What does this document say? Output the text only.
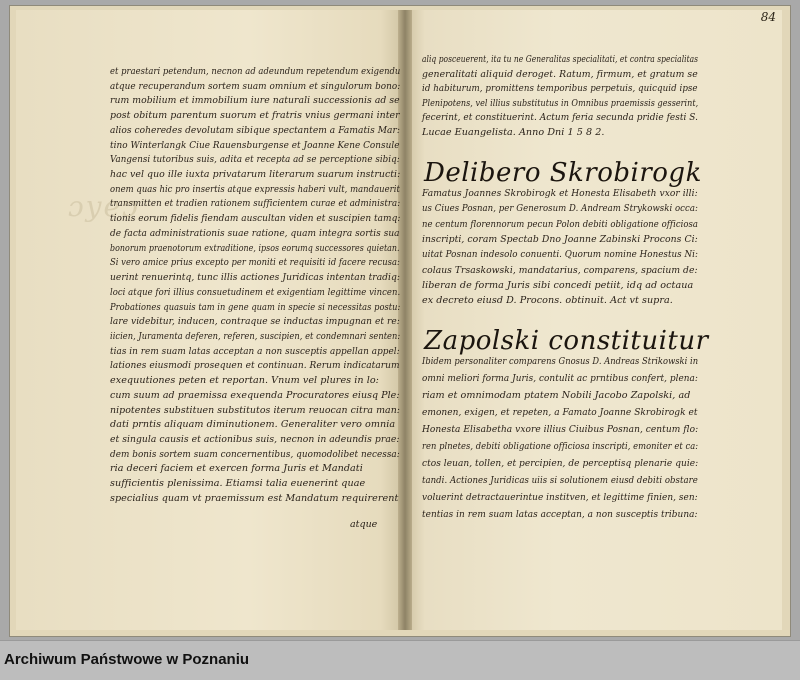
ɔyeɔ
84
et praestari petendum, necnon ad adeundum repetendum exigendu
atque recuperandum sortem suam omnium et singulorum bono:
rum mobilium et immobilium iure naturali successionis ad se
post obitum parentum suorum et fratris vnius germani inter
alios coheredes devolutam sibique spectantem a Famatis Mar:
tino Winterlangk Ciue Rauensburgense et Joanne Kene Consule
Vangensi tutoribus suis, adita et recepta ad se perceptione sibiq:
hac vel quo ille iuxta privatarum literarum suarum instructi:
onem quas hic pro insertis atque expressis haberi vult, mandauerit
transmitten et tradien rationem sufficientem curae et administra:
tionis eorum fidelis fiendam auscultan viden et suscipien tamq:
de facta administrationis suae ratione, quam integra sortis sua
bonorum praenotorum extraditione, ipsos eorumq successores quietan.
Si vero amice prius excepto per moniti et requisiti id facere recusa:
uerint renuerintq, tunc illis actiones Juridicas intentan tradiq:
loci atque fori illius consuetudinem et exigentiam legittime vincen.
Probationes quasuis tam in gene quam in specie si necessitas postu:
lare videbitur, inducen, contraque se inductas impugnan et re:
iicien, Juramenta deferen, referen, suscipien, et condemnari senten:
tias in rem suam latas acceptan a non susceptis appellan appel:
lationes eiusmodi prosequen et continuan. Rerum indicatarum
exequutiones peten et reportan. Vnum vel plures in lo:
cum suum ad praemissa exequenda Procuratores eiusq Ple:
nipotentes substituen substitutos iterum reuocan citra man:
dati prntis aliquam diminutionem. Generaliter vero omnia
et singula causis et actionibus suis, necnon in adeundis prae:
dem bonis sortem suam concernentibus, quomodolibet necessa:
ria deceri faciem et exercen forma Juris et Mandati
sufficientis plenissima. Etiamsi talia euenerint quae
specialius quam vt praemissum est Mandatum requirerent
atque
aliq posceuerent, ita tu ne Generalitas specialitati, et contra specialitas
generalitati aliquid deroget. Ratum, firmum, et gratum se
id habiturum, promittens temporibus perpetuis, quicquid ipse
Plenipotens, vel illius substitutus in Omnibus praemissis gesserint,
fecerint, et constituerint. Actum feria secunda pridie festi S.
Lucae Euangelista. Anno Dni 1 5 8 2.
Delibero Skrobirogk
Famatus Joannes Skrobirogk et Honesta Elisabeth vxor illi:
us Ciues Posnan, per Generosum D. Andream Strykowski occa:
ne centum florennorum pecun Polon debiti obligatione officiosa
inscripti, coram Spectab Dno Joanne Zabinski Procons Ci:
uitat Posnan indesolo conuenti. Quorum nomine Honestus Ni:
colaus Trsaskowski, mandatarius, comparens, spacium de:
liberan de forma Juris sibi concedi petiit, idq ad octaua
ex decreto eiusd D. Procons. obtinuit. Act vt supra.
Zapolski constituitur
Ibidem personaliter comparens Gnosus D. Andreas Strikowski in
omni meliori forma Juris, contulit ac prntibus confert, plena:
riam et omnimodam ptatem Nobili Jacobo Zapolski, ad
emonen, exigen, et repeten, a Famato Joanne Skrobirogk et
Honesta Elisabetha vxore illius Ciuibus Posnan, centum flo:
ren plnetes, debiti obligatione officiosa inscripti, emoniter et ca:
ctos leuan, tollen, et percipien, de perceptisq plenarie quie:
tandi. Actiones Juridicas uiis si solutionem eiusd debiti obstare
voluerint detractauerintue institven, et legittime finien, sen:
tentias in rem suam latas acceptan, a non susceptis tribuna:
Archiwum Państwowe w Poznaniu
